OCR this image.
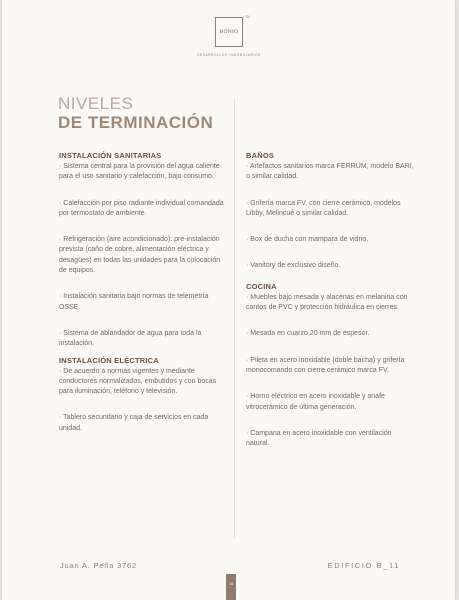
BONIO
TM
DESARROLLOS INMOBILIARIOS
NIVELES
DE TERMINACIÓN
INSTALACIÓN SANITARIAS
· Sistema central para la provisión del agua caliente para el uso sanitario y calefacción, bajo consumo.
· Calefacción por piso radiante individual comandada por termostato de ambiente.
· Refrigeración (aire acondicionado): pre-instalación prevista (caño de cobre, alimentación eléctrica y desagües) en todas las unidades para la colocación de equipos.
· Instalación sanitaria bajo normas de telemetría OSSE.
· Sistema de ablandador de agua para toda la instalación.
INSTALACIÓN ELÉCTRICA
· De acuerdo a normas vigentes y mediante conductores normalizados, embutidos y con bocas para iluminación, teléfono y televisión.
· Tablero secundario y caja de servicios en cada unidad.
BAÑOS
· Artefactos sanitarios marca FERRUM, modelo BARI, o similar calidad.
· Grifería marca FV, con cierre cerámico, modelos Libby, Melincué o similar calidad.
· Box de ducha con mampara de vidrio.
· Vanitory de exclusivo diseño.
COCINA
· Muebles bajo mesada y alacenas en melanina con cantos de PVC y protección hidráulica en cierres.
· Mesada en cuarzo 20 mm de espesor.
· Pileta en acero inoxidable (doble bacha) y grifería monocomando con cierre cerámico marca FV.
· Horno eléctrico en acero inoxidable y anafe vitrocerámico de última generación.
· Campana en acero inoxidable con ventilación natural.
Juan A. Peña 3762	EDIFICIO B_11
16
